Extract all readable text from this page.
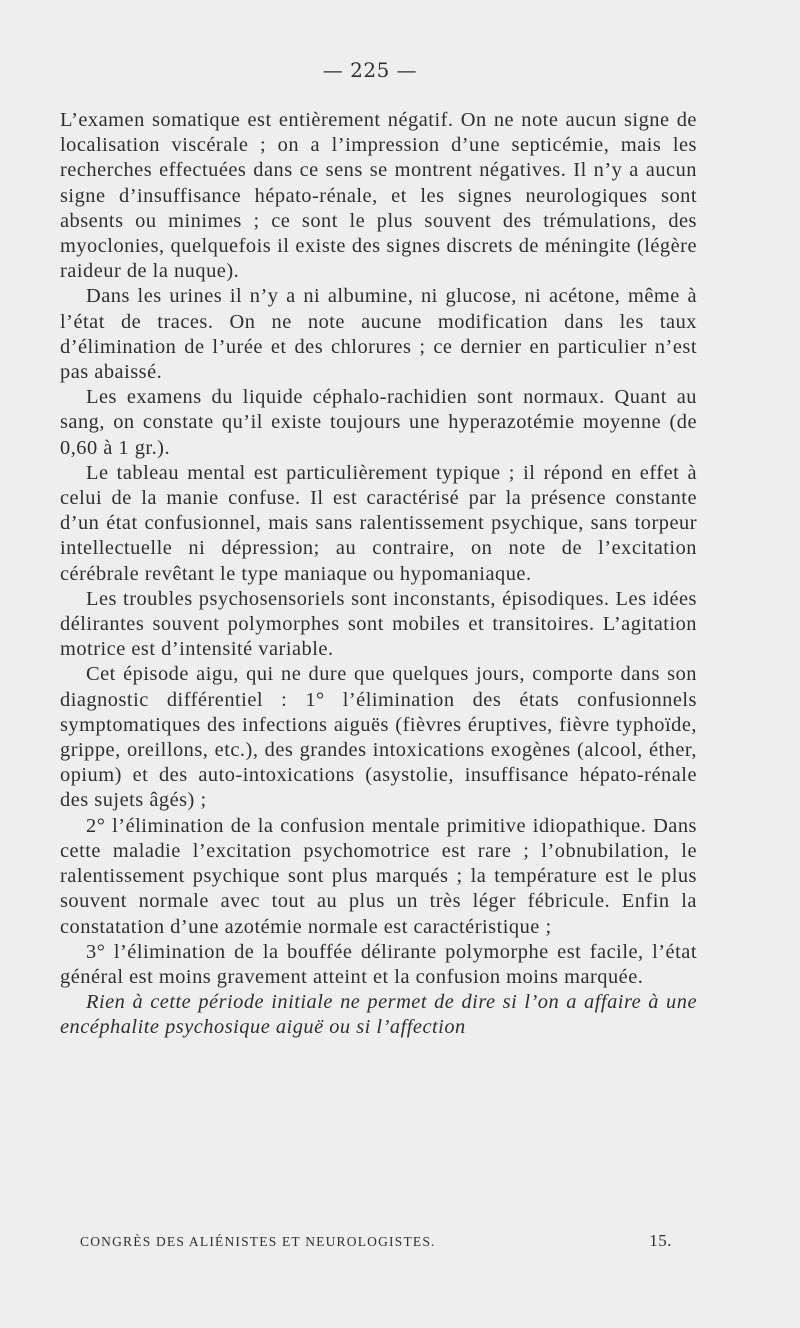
— 225 —

L’examen somatique est entièrement négatif. On ne note aucun signe de localisation viscérale ; on a l’impression d’une septicémie, mais les recherches effectuées dans ce sens se montrent négatives. Il n’y a aucun signe d’insuffisance hépato-rénale, et les signes neurologiques sont absents ou minimes ; ce sont le plus souvent des trémulations, des myoclonies, quelquefois il existe des signes discrets de méningite (légère raideur de la nuque).

Dans les urines il n’y a ni albumine, ni glucose, ni acétone, même à l’état de traces. On ne note aucune modification dans les taux d’élimination de l’urée et des chlorures ; ce dernier en particulier n’est pas abaissé.

Les examens du liquide céphalo-rachidien sont normaux. Quant au sang, on constate qu’il existe toujours une hyperazotémie moyenne (de 0,60 à 1 gr.).

Le tableau mental est particulièrement typique ; il répond en effet à celui de la manie confuse. Il est caractérisé par la présence constante d’un état confusionnel, mais sans ralentissement psychique, sans torpeur intellectuelle ni dépression; au contraire, on note de l’excitation cérébrale revêtant le type maniaque ou hypomaniaque.

Les troubles psychosensoriels sont inconstants, épisodiques. Les idées délirantes souvent polymorphes sont mobiles et transitoires. L’agitation motrice est d’intensité variable.

Cet épisode aigu, qui ne dure que quelques jours, comporte dans son diagnostic différentiel : 1° l’élimination des états confusionnels symptomatiques des infections aiguës (fièvres éruptives, fièvre typhoïde, grippe, oreillons, etc.), des grandes intoxications exogènes (alcool, éther, opium) et des auto-intoxications (asystolie, insuffisance hépato-rénale des sujets âgés) ;

2° l’élimination de la confusion mentale primitive idiopathique. Dans cette maladie l’excitation psychomotrice est rare ; l’obnubilation, le ralentissement psychique sont plus marqués ; la température est le plus souvent normale avec tout au plus un très léger fébricule. Enfin la constatation d’une azotémie normale est caractéristique ;

3° l’élimination de la bouffée délirante polymorphe est facile, l’état général est moins gravement atteint et la confusion moins marquée.

Rien à cette période initiale ne permet de dire si l’on a affaire à une encéphalite psychosique aiguë ou si l’affection

CONGRÈS DES ALIÉNISTES ET NEUROLOGISTES.	15.
